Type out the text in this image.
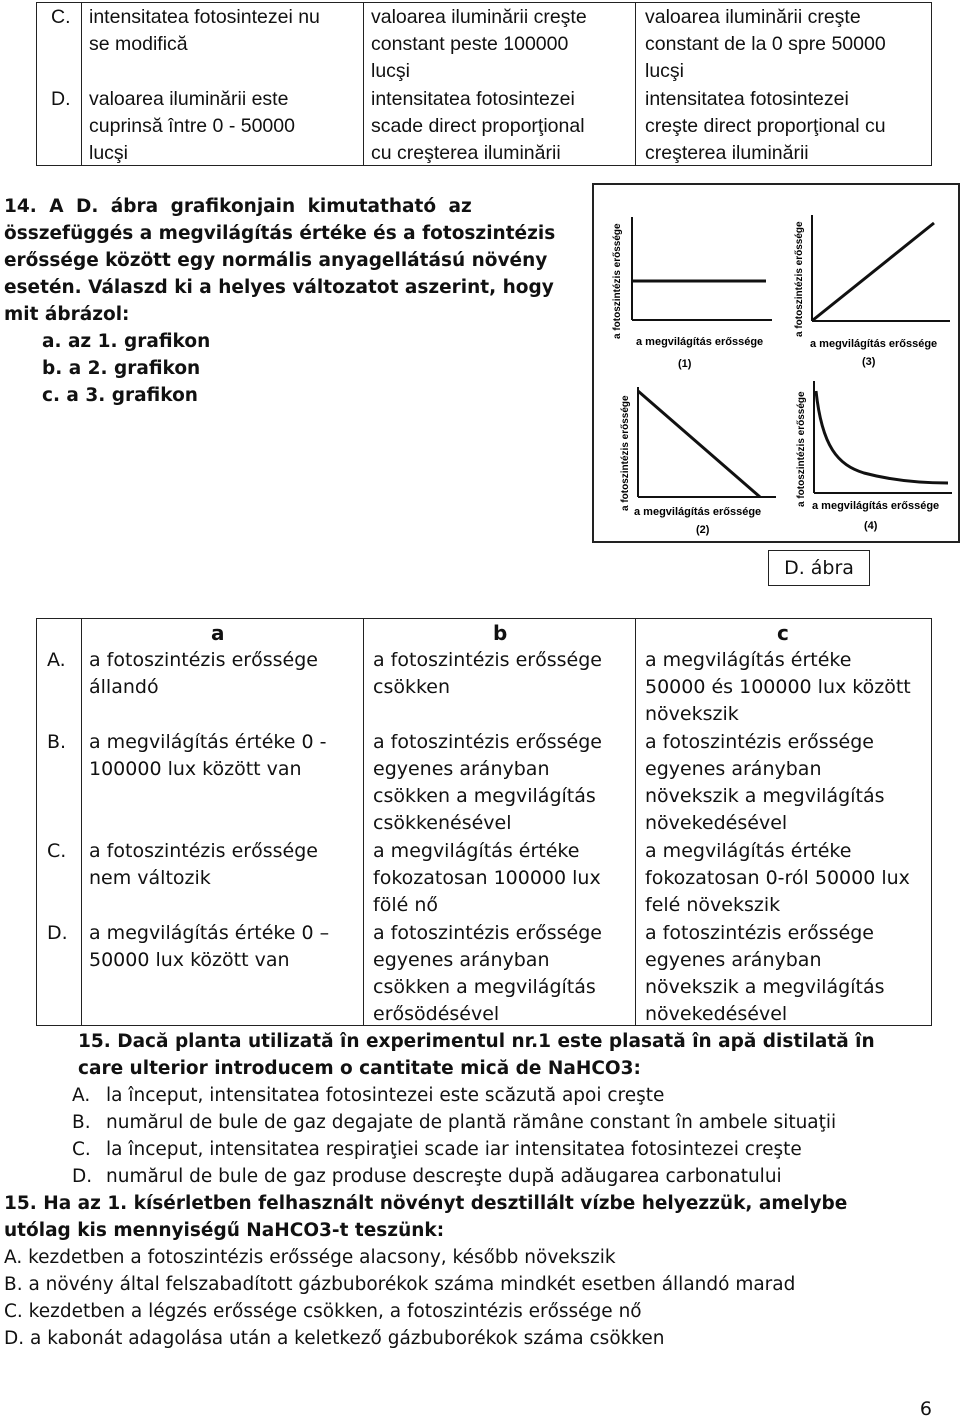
C. intensitatea fotosintezei nu
se modifică
valoarea iluminării creşte
constant peste 100000
lucşi
valoarea iluminării creşte
constant de la 0 spre 50000
lucşi
D. valoarea iluminării este
cuprinsă între 0 - 50000
lucşi
intensitatea fotosintezei
scade direct proporţional
cu creşterea iluminării
intensitatea fotosintezei
creşte direct proporţional cu
creşterea iluminării
14. A D. ábra grafikonjain kimutatható az
összefüggés a megvilágítás értéke és a fotoszintézis
erőssége között egy normális anyagellátású növény
esetén. Válaszd ki a helyes változatot aszerint, hogy
mit ábrázol:
a. az 1. grafikon
b. a 2. grafikon
c. a 3. grafikon
a fotoszintézis erőssége
a megvilágítás erőssége
(1)
a fotoszintézis erőssége
a megvilágítás erőssége
(3)
a fotoszintézis erőssége
a megvilágítás erőssége
(2)
a fotoszintézis erőssége a megvilágítás erőssége
(4)
D. ábra
a	b	c
A. a fotoszintézis erőssége
állandó
a fotoszintézis erőssége
csökken
a megvilágítás értéke
50000 és 100000 lux között
növekszik
B. a megvilágítás értéke 0 -
100000 lux között van
a fotoszintézis erőssége
egyenes arányban
csökken a megvilágítás
csökkenésével
a fotoszintézis erőssége
egyenes arányban
növekszik a megvilágítás
növekedésével
C. a fotoszintézis erőssége
nem változik
a megvilágítás értéke
fokozatosan 100000 lux
fölé nő
a megvilágítás értéke
fokozatosan 0-ról 50000 lux
felé növekszik
D. a megvilágítás értéke 0 –
50000 lux között van
a fotoszintézis erőssége
egyenes arányban
csökken a megvilágítás
erősödésével
a fotoszintézis erőssége
egyenes arányban
növekszik a megvilágítás
növekedésével
15. Dacă planta utilizată în experimentul nr.1 este plasată în apă distilată în
care ulterior introducem o cantitate mică de NaHCO3:
A. la început, intensitatea fotosintezei este scăzută apoi creşte
B. numărul de bule de gaz degajate de plantă rămâne constant în ambele situaţii
C. la început, intensitatea respiraţiei scade iar intensitatea fotosintezei creşte
D. numărul de bule de gaz produse descreşte după adăugarea carbonatului
15. Ha az 1. kísérletben felhasznált növényt desztillált vízbe helyezzük, amelybe
utólag kis mennyiségű NaHCO3-t teszünk:
A. kezdetben a fotoszintézis erőssége alacsony, később növekszik
B. a növény által felszabadított gázbuborékok száma mindkét esetben állandó marad
C. kezdetben a légzés erőssége csökken, a fotoszintézis erőssége nő
D. a kabonát adagolása után a keletkező gázbuborékok száma csökken
6
